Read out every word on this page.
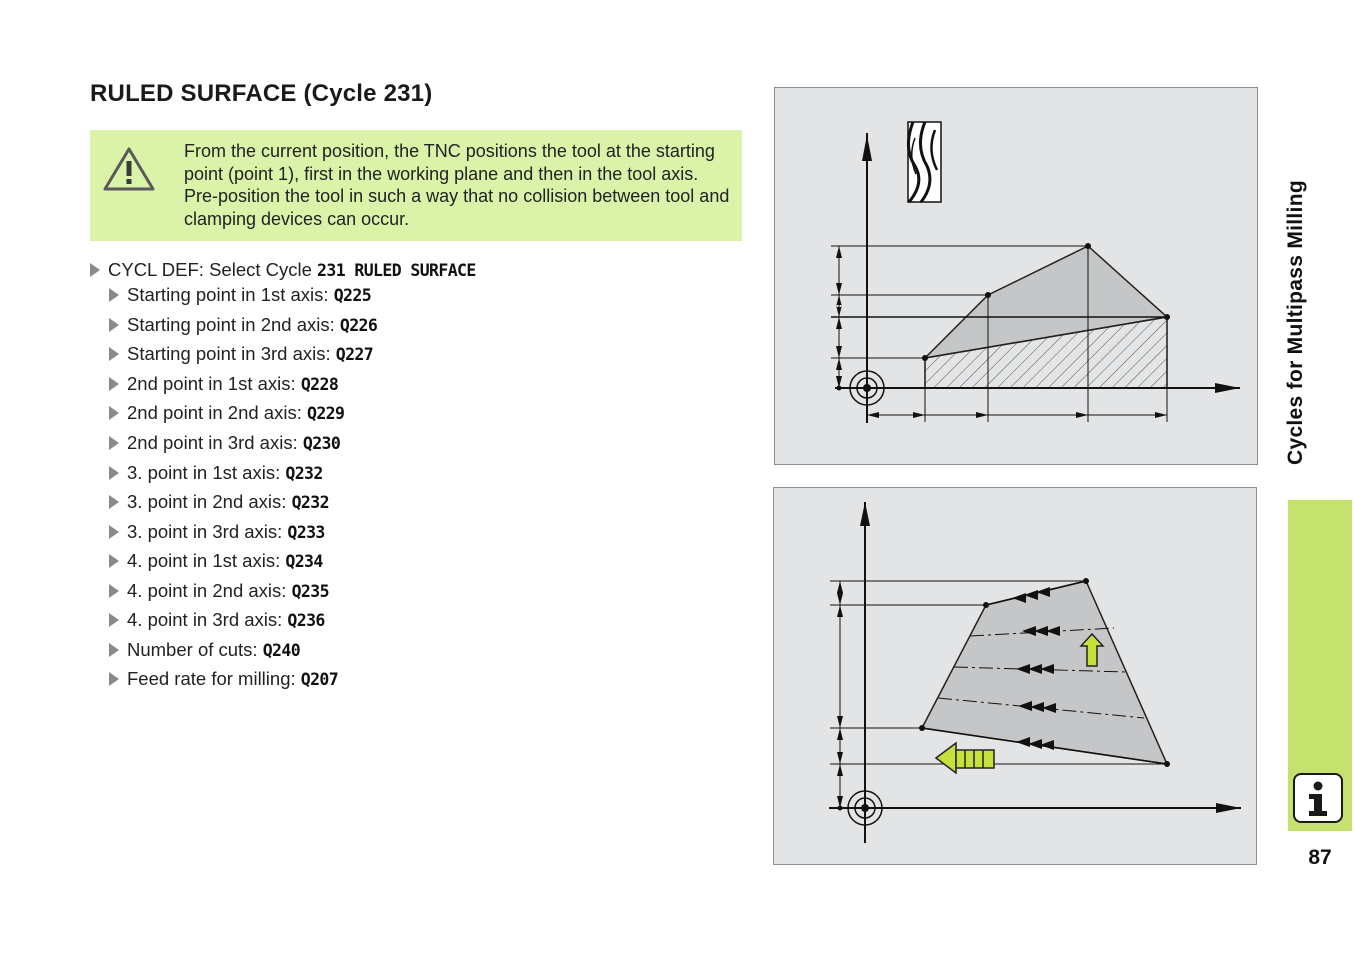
RULED SURFACE (Cycle 231)
From the current position, the TNC positions the tool at the starting point (point 1), first in the working plane and then in the tool axis. Pre-position the tool in such a way that no collision between tool and clamping devices can occur.
CYCL DEF: Select Cycle 231 RULED SURFACE
Starting point in 1st axis: Q225
Starting point in 2nd axis: Q226
Starting point in 3rd axis: Q227
2nd point in 1st axis: Q228
2nd point in 2nd axis: Q229
2nd point in 3rd axis: Q230
3. point in 1st axis: Q232
3. point in 2nd axis: Q232
3. point in 3rd axis: Q233
4. point in 1st axis: Q234
4. point in 2nd axis: Q235
4. point in 3rd axis: Q236
Number of cuts: Q240
Feed rate for milling: Q207
Cycles for Multipass Milling
87
